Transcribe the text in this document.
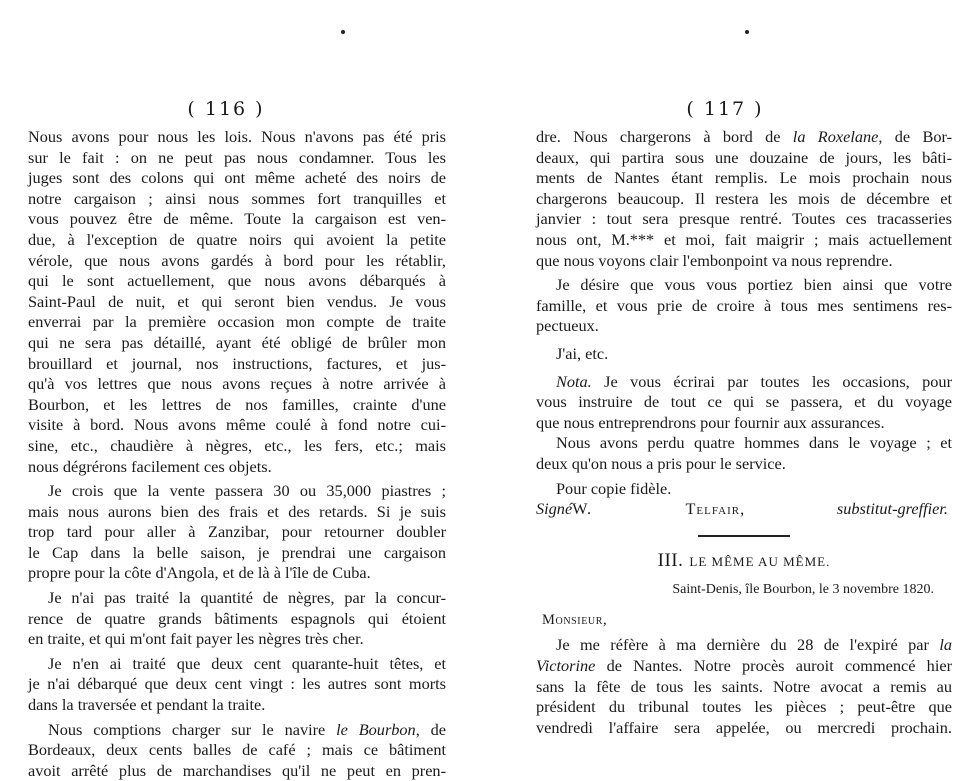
( 116 )

Nous avons pour nous les lois. Nous n'avons pas été pris

sur le fait : on ne peut pas nous condamner. Tous les

juges sont des colons qui ont même acheté des noirs de

notre cargaison ; ainsi nous sommes fort tranquilles et

vous pouvez être de même. Toute la cargaison est ven-

due, à l'exception de quatre noirs qui avoient la petite

vérole, que nous avons gardés à bord pour les rétablir,

qui le sont actuellement, que nous avons débarqués à

Saint-Paul de nuit, et qui seront bien vendus. Je vous

enverrai par la première occasion mon compte de traite

qui ne sera pas détaillé, ayant été obligé de brûler mon

brouillard et journal, nos instructions, factures, et jus-

qu'à vos lettres que nous avons reçues à notre arrivée à

Bourbon, et les lettres de nos familles, crainte d'une

visite à bord. Nous avons même coulé à fond notre cui-

sine, etc., chaudière à nègres, etc., les fers, etc.; mais

nous dégrérons facilement ces objets.

Je crois que la vente passera 30 ou 35,000 piastres ;

mais nous aurons bien des frais et des retards. Si je suis

trop tard pour aller à Zanzibar, pour retourner doubler

le Cap dans la belle saison, je prendrai une cargaison

propre pour la côte d'Angola, et de là à l'île de Cuba.

Je n'ai pas traité la quantité de nègres, par la concur-

rence de quatre grands bâtiments espagnols qui étoient

en traite, et qui m'ont fait payer les nègres très cher.

Je n'en ai traité que deux cent quarante-huit têtes, et

je n'ai débarqué que deux cent vingt : les autres sont morts

dans la traversée et pendant la traite.

Nous comptions charger sur le navire le Bourbon, de

Bordeaux, deux cents balles de café ; mais ce bâtiment

avoit arrêté plus de marchandises qu'il ne peut en pren-

( 117 )

dre. Nous chargerons à bord de la Roxelane, de Bor-

deaux, qui partira sous une douzaine de jours, les bâti-

ments de Nantes étant remplis. Le mois prochain nous

chargerons beaucoup. Il restera les mois de décembre et

janvier : tout sera presque rentré. Toutes ces tracasseries

nous ont, M.*** et moi, fait maigrir ; mais actuellement

que nous voyons clair l'embonpoint va nous reprendre.

Je désire que vous vous portiez bien ainsi que votre

famille, et vous prie de croire à tous mes sentimens res-

pectueux.

J'ai, etc.

Nota. Je vous écrirai par toutes les occasions, pour

vous instruire de tout ce qui se passera, et du voyage

que nous entreprendrons pour fournir aux assurances.

Nous avons perdu quatre hommes dans le voyage ; et

deux qu'on nous a pris pour le service.

Pour copie fidèle.

SignéW. Telfair,	substitut-greffier.

III. LE MÊME AU MÊME.
Saint-Denis, île Bourbon, le 3 novembre 1820.
Monsieur,

Je me réfère à ma dernière du 28 de l'expiré par la

Victorine de Nantes. Notre procès auroit commencé hier

sans la fête de tous les saints. Notre avocat a remis au

président du tribunal toutes les pièces ; peut-être que

vendredi l'affaire sera appelée, ou mercredi prochain.
